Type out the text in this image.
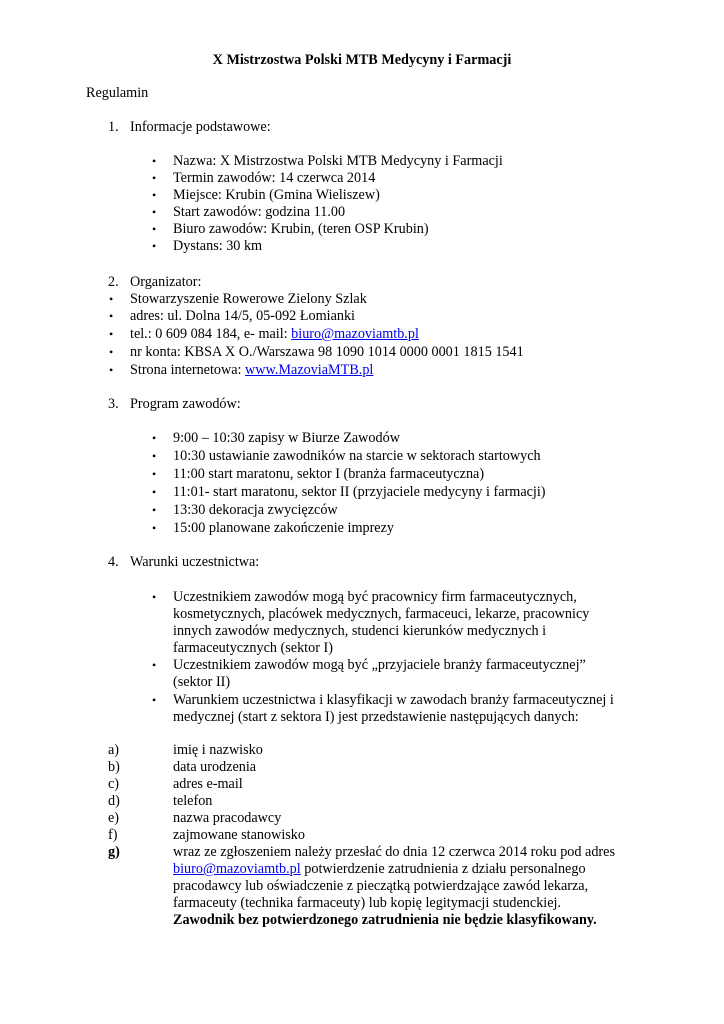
X Mistrzostwa Polski MTB Medycyny i Farmacji
Regulamin
1. Informacje podstawowe:
• Nazwa: X Mistrzostwa Polski MTB Medycyny i Farmacji
• Termin zawodów: 14 czerwca 2014
• Miejsce: Krubin (Gmina Wieliszew)
• Start zawodów: godzina 11.00
• Biuro zawodów: Krubin, (teren OSP Krubin)
• Dystans: 30 km
2. Organizator:
• Stowarzyszenie Rowerowe Zielony Szlak
• adres: ul. Dolna 14/5, 05-092 Łomianki
• tel.: 0 609 084 184, e- mail: biuro@mazoviamtb.pl
• nr konta: KBSA X O./Warszawa 98 1090 1014 0000 0001 1815 1541
• Strona internetowa: www.MazoviaMTB.pl
3. Program zawodów:
• 9:00 – 10:30 zapisy w Biurze Zawodów
• 10:30 ustawianie zawodników na starcie w sektorach startowych
• 11:00 start maratonu, sektor I (branża farmaceutyczna)
• 11:01- start maratonu, sektor II (przyjaciele medycyny i farmacji)
• 13:30 dekoracja zwycięzców
• 15:00 planowane zakończenie imprezy
4. Warunki uczestnictwa:
• Uczestnikiem zawodów mogą być pracownicy firm farmaceutycznych,
kosmetycznych, placówek medycznych, farmaceuci, lekarze, pracownicy
innych zawodów medycznych, studenci kierunków medycznych i
farmaceutycznych (sektor I)
• Uczestnikiem zawodów mogą być „przyjaciele branży farmaceutycznej”
(sektor II)
• Warunkiem uczestnictwa i klasyfikacji w zawodach branży farmaceutycznej i
medycznej (start z sektora I) jest przedstawienie następujących danych:
a)	imię i nazwisko
b)	data urodzenia
c)	adres e-mail
d)	telefon
e)	nazwa pracodawcy
f)	zajmowane stanowisko
g)	wraz ze zgłoszeniem należy przesłać do dnia 12 czerwca 2014 roku pod adres
biuro@mazoviamtb.pl potwierdzenie zatrudnienia z działu personalnego
pracodawcy lub oświadczenie z pieczątką potwierdzające zawód lekarza,
farmaceuty (technika farmaceuty) lub kopię legitymacji studenckiej.
Zawodnik bez potwierdzonego zatrudnienia nie będzie klasyfikowany.
